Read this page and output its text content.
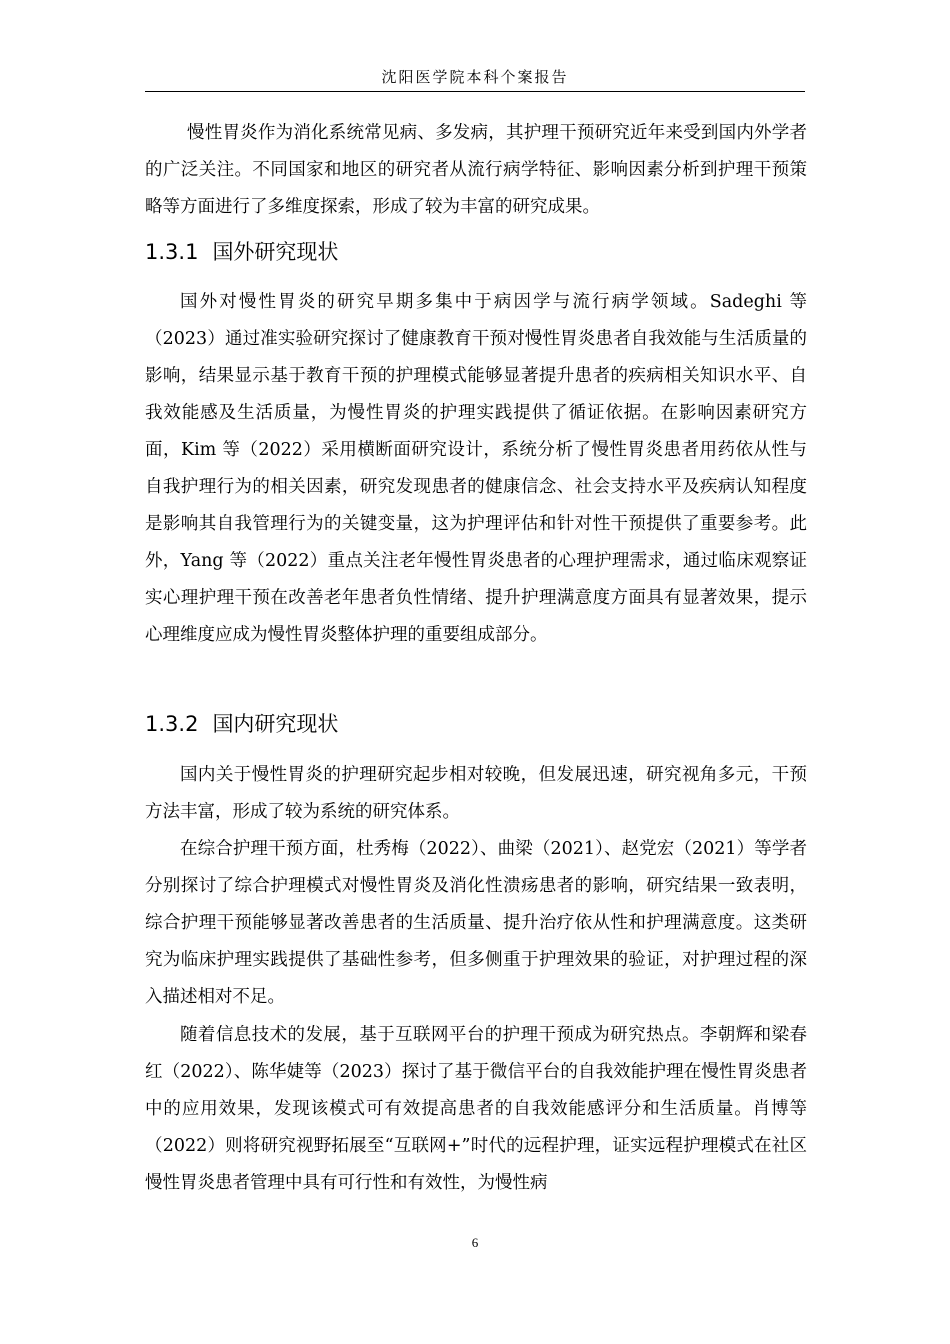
沈阳医学院本科个案报告

慢性胃炎作为消化系统常见病、多发病，其护理干预研究近年来受到国内外学者的广泛关注。不同国家和地区的研究者从流行病学特征、影响因素分析到护理干预策略等方面进行了多维度探索，形成了较为丰富的研究成果。

1.3.1 国外研究现状

国外对慢性胃炎的研究早期多集中于病因学与流行病学领域。Sadeghi 等（2023）通过准实验研究探讨了健康教育干预对慢性胃炎患者自我效能与生活质量的影响，结果显示基于教育干预的护理模式能够显著提升患者的疾病相关知识水平、自我效能感及生活质量，为慢性胃炎的护理实践提供了循证依据。在影响因素研究方面，Kim 等（2022）采用横断面研究设计，系统分析了慢性胃炎患者用药依从性与自我护理行为的相关因素，研究发现患者的健康信念、社会支持水平及疾病认知程度是影响其自我管理行为的关键变量，这为护理评估和针对性干预提供了重要参考。此外，Yang 等（2022）重点关注老年慢性胃炎患者的心理护理需求，通过临床观察证实心理护理干预在改善老年患者负性情绪、提升护理满意度方面具有显著效果，提示心理维度应成为慢性胃炎整体护理的重要组成部分。

1.3.2 国内研究现状

国内关于慢性胃炎的护理研究起步相对较晚，但发展迅速，研究视角多元，干预方法丰富，形成了较为系统的研究体系。

在综合护理干预方面，杜秀梅（2022）、曲梁（2021）、赵党宏（2021）等学者分别探讨了综合护理模式对慢性胃炎及消化性溃疡患者的影响，研究结果一致表明，综合护理干预能够显著改善患者的生活质量、提升治疗依从性和护理满意度。这类研究为临床护理实践提供了基础性参考，但多侧重于护理效果的验证，对护理过程的深入描述相对不足。

随着信息技术的发展，基于互联网平台的护理干预成为研究热点。李朝辉和梁春红（2022）、陈华婕等（2023）探讨了基于微信平台的自我效能护理在慢性胃炎患者中的应用效果，发现该模式可有效提高患者的自我效能感评分和生活质量。肖博等（2022）则将研究视野拓展至“互联网+”时代的远程护理，证实远程护理模式在社区慢性胃炎患者管理中具有可行性和有效性，为慢性病

6
